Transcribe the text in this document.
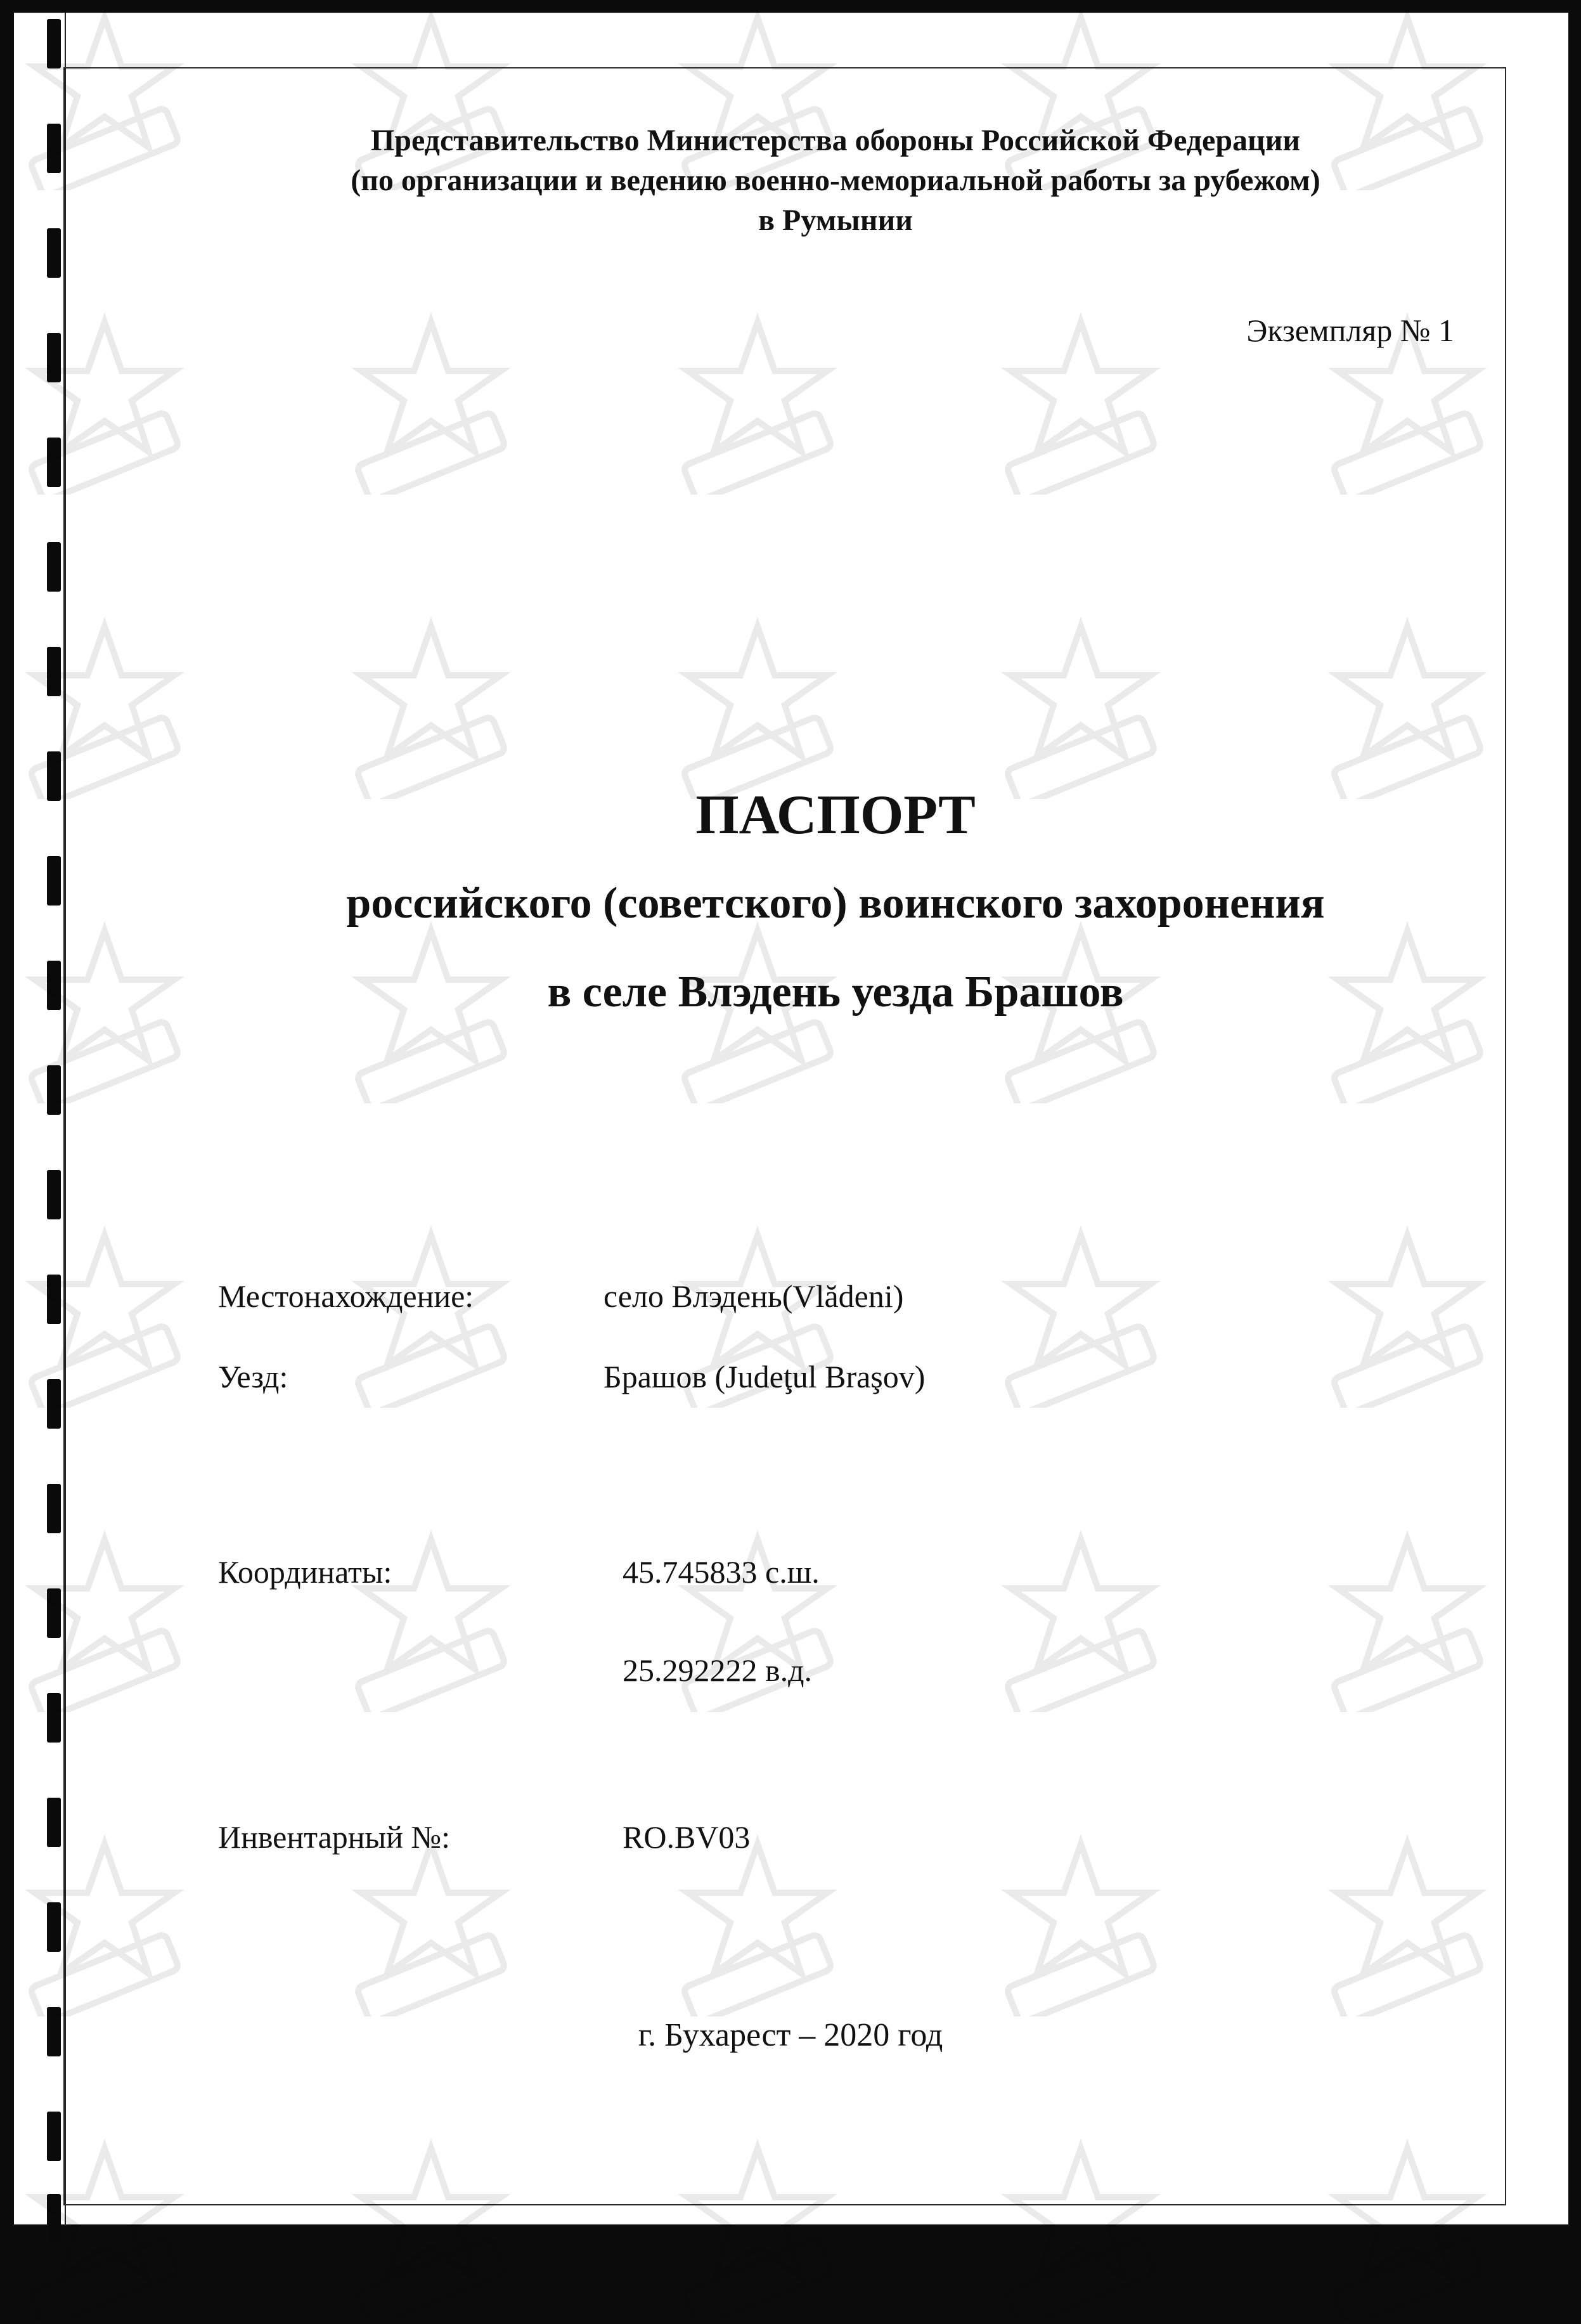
Представительство Министерства обороны Российской Федерации
(по организации и ведению военно-мемориальной работы за рубежом)
в Румынии
Экземпляр № 1
ПАСПОРТ
российского (советского) воинского захоронения
в селе Влэдень уезда Брашов
Местонахождение:	село Влэдень(Vlădeni)
Уезд:	Брашов (Judeţul Braşov)
Координаты:	45.745833 с.ш.
25.292222 в.д.
Инвентарный №:	RO.BV03
г. Бухарест – 2020 год
